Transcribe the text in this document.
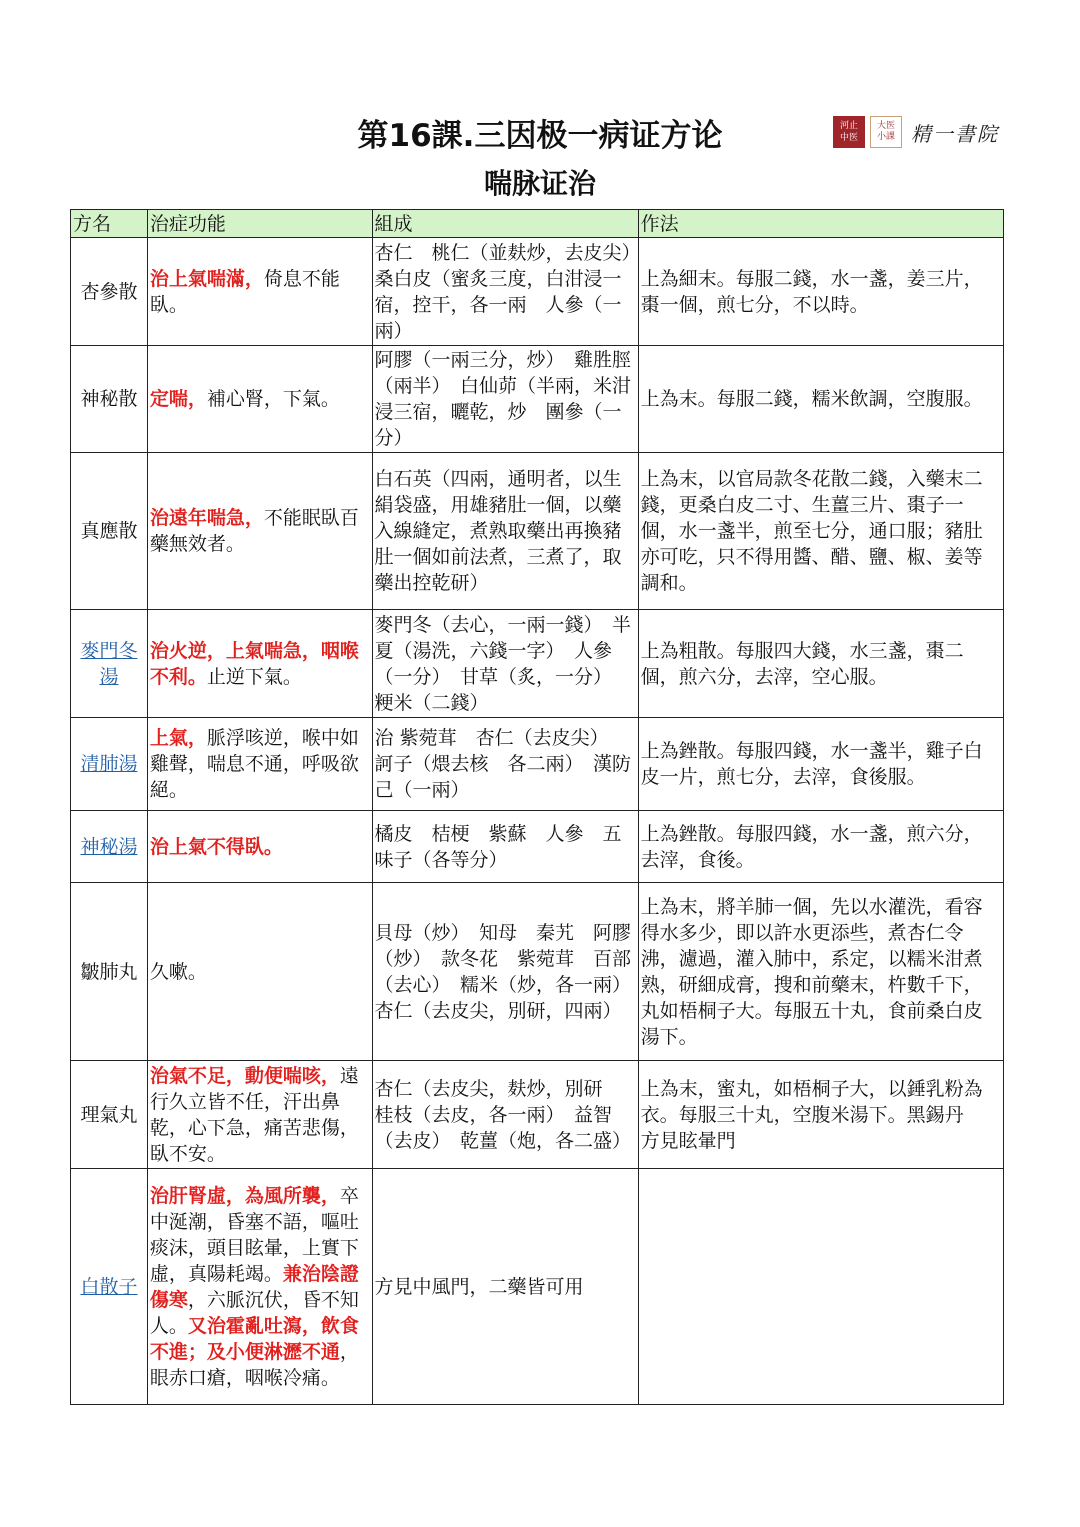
第16課.三因极一病证方论
喘脉证治
河止
中医
大医
小課 精一書院
方名	治症功能	組成	作法
杏參散	治上氣喘滿，倚息不能臥。	杏仁　桃仁（並麸炒，去皮尖）　桑白皮（蜜炙三度，白泔浸一宿，控干，各一兩　人參（一兩）	上為細末。每服二錢，水一盞，姜三片，棗一個，煎七分，不以時。
神秘散	定喘，補心腎，下氣。	阿膠（一兩三分，炒）　雞胜脛（兩半）　白仙茆（半兩，米泔浸三宿，曬乾，炒　團參（一分）	上為末。每服二錢，糯米飲調，空腹服。
真應散	治遠年喘急，不能眠臥百藥無效者。	白石英（四兩，通明者，以生絹袋盛，用雄豬肚一個，以藥入線縫定，煮熟取藥出再換豬肚一個如前法煮，三煮了，取藥出控乾研）	上為末，以官局款冬花散二錢，入藥末二錢，更桑白皮二寸、生薑三片、棗子一個，水一盞半，煎至七分，通口服；豬肚亦可吃，只不得用醬、醋、鹽、椒、姜等調和。
麥門冬湯	治火逆，上氣喘急，咽喉不利。止逆下氣。	麥門冬（去心，一兩一錢）　半夏（湯洗，六錢一字）　人參（一分）　甘草（炙，一分）　粳米（二錢）	上為粗散。每服四大錢，水三盞，棗二個，煎六分，去滓，空心服。
清肺湯	上氣，脈浮咳逆，喉中如雞聲，喘息不通，呼吸欲絕。	治 紫菀茸　杏仁（去皮尖）　訶子（煨去核　各二兩）　漢防己（一兩）	上為銼散。每服四錢，水一盞半，雞子白皮一片，煎七分，去滓，食後服。
神秘湯	治上氣不得臥。	橘皮　桔梗　紫蘇　人參　五味子（各等分）	上為銼散。每服四錢，水一盞，煎六分，去滓，食後。
皺肺丸	久嗽。	貝母（炒）　知母　秦艽　阿膠（炒）　款冬花　紫菀茸　百部（去心）　糯米（炒，各一兩）　杏仁（去皮尖，別研，四兩）	上為末，將羊肺一個，先以水灌洗，看容得水多少，即以許水更添些，煮杏仁令沸，濾過，灌入肺中，系定，以糯米泔煮熟，研細成膏，搜和前藥末，杵數千下，丸如梧桐子大。每服五十丸，食前桑白皮湯下。
理氣丸	治氣不足，動便喘咳，遠行久立皆不任，汗出鼻乾，心下急，痛苦悲傷，臥不安。	杏仁（去皮尖，麸炒，別研　桂枝（去皮，各一兩）　益智（去皮）　乾薑（炮，各二盛）	上為末，蜜丸，如梧桐子大，以錘乳粉為衣。每服三十丸，空腹米湯下。黑錫丹　方見眩暈門
白散子	治肝腎虛，為風所襲，卒中涎潮，昏塞不語，嘔吐痰沫，頭目眩暈，上實下虛，真陽耗竭。兼治陰證傷寒，六脈沉伏，昏不知人。又治霍亂吐瀉，飲食不進；及小便淋瀝不通，眼赤口瘡，咽喉冷痛。	方見中風門，二藥皆可用	
